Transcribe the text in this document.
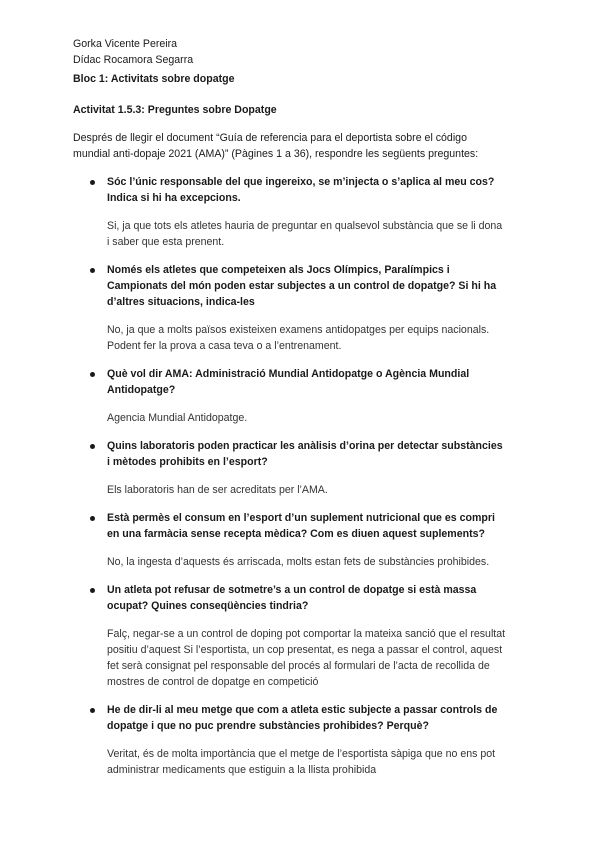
Gorka Vicente Pereira
Dídac Rocamora Segarra
Bloc 1: Activitats sobre dopatge
Activitat 1.5.3: Preguntes sobre Dopatge
Després de llegir el document “Guía de referencia para el deportista sobre el código
mundial anti-dopaje 2021 (AMA)” (Pàgines 1 a 36), respondre les següents preguntes:
Sóc l’únic responsable del que ingereixo, se m’injecta o s’aplica al meu cos?
Indica si hi ha excepcions.
Si, ja que tots els atletes hauria de preguntar en qualsevol substància que se li dona
i saber que esta prenent.
Només els atletes que competeixen als Jocs Olímpics, Paralímpics i
Campionats del món poden estar subjectes a un control de dopatge? Si hi ha
d’altres situacions, indica-les
No, ja que a molts països existeixen examens antidopatges per equips nacionals.
Podent fer la prova a casa teva o a l’entrenament.
Què vol dir AMA: Administració Mundial Antidopatge o Agència Mundial
Antidopatge?
Agencia Mundial Antidopatge.
Quins laboratoris poden practicar les anàlisis d’orina per detectar substàncies
i mètodes prohibits en l’esport?
Els laboratoris han de ser acreditats per l’AMA.
Està permès el consum en l’esport d’un suplement nutricional que es compri
en una farmàcia sense recepta mèdica? Com es diuen aquest suplements?
No, la ingesta d’aquests és arriscada, molts estan fets de substàncies prohibides.
Un atleta pot refusar de sotmetre’s a un control de dopatge si està massa
ocupat? Quines conseqüències tindria?
Falç, negar-se a un control de doping pot comportar la mateixa sanció que el resultat
positiu d’aquest Si l’esportista, un cop presentat, es nega a passar el control, aquest
fet serà consignat pel responsable del procés al formulari de l’acta de recollida de
mostres de control de dopatge en competició
He de dir-li al meu metge que com a atleta estic subjecte a passar controls de
dopatge i que no puc prendre substàncies prohibides? Perquè?
Veritat, és de molta importància que el metge de l’esportista sàpiga que no ens pot
administrar medicaments que estiguin a la llista prohibida
